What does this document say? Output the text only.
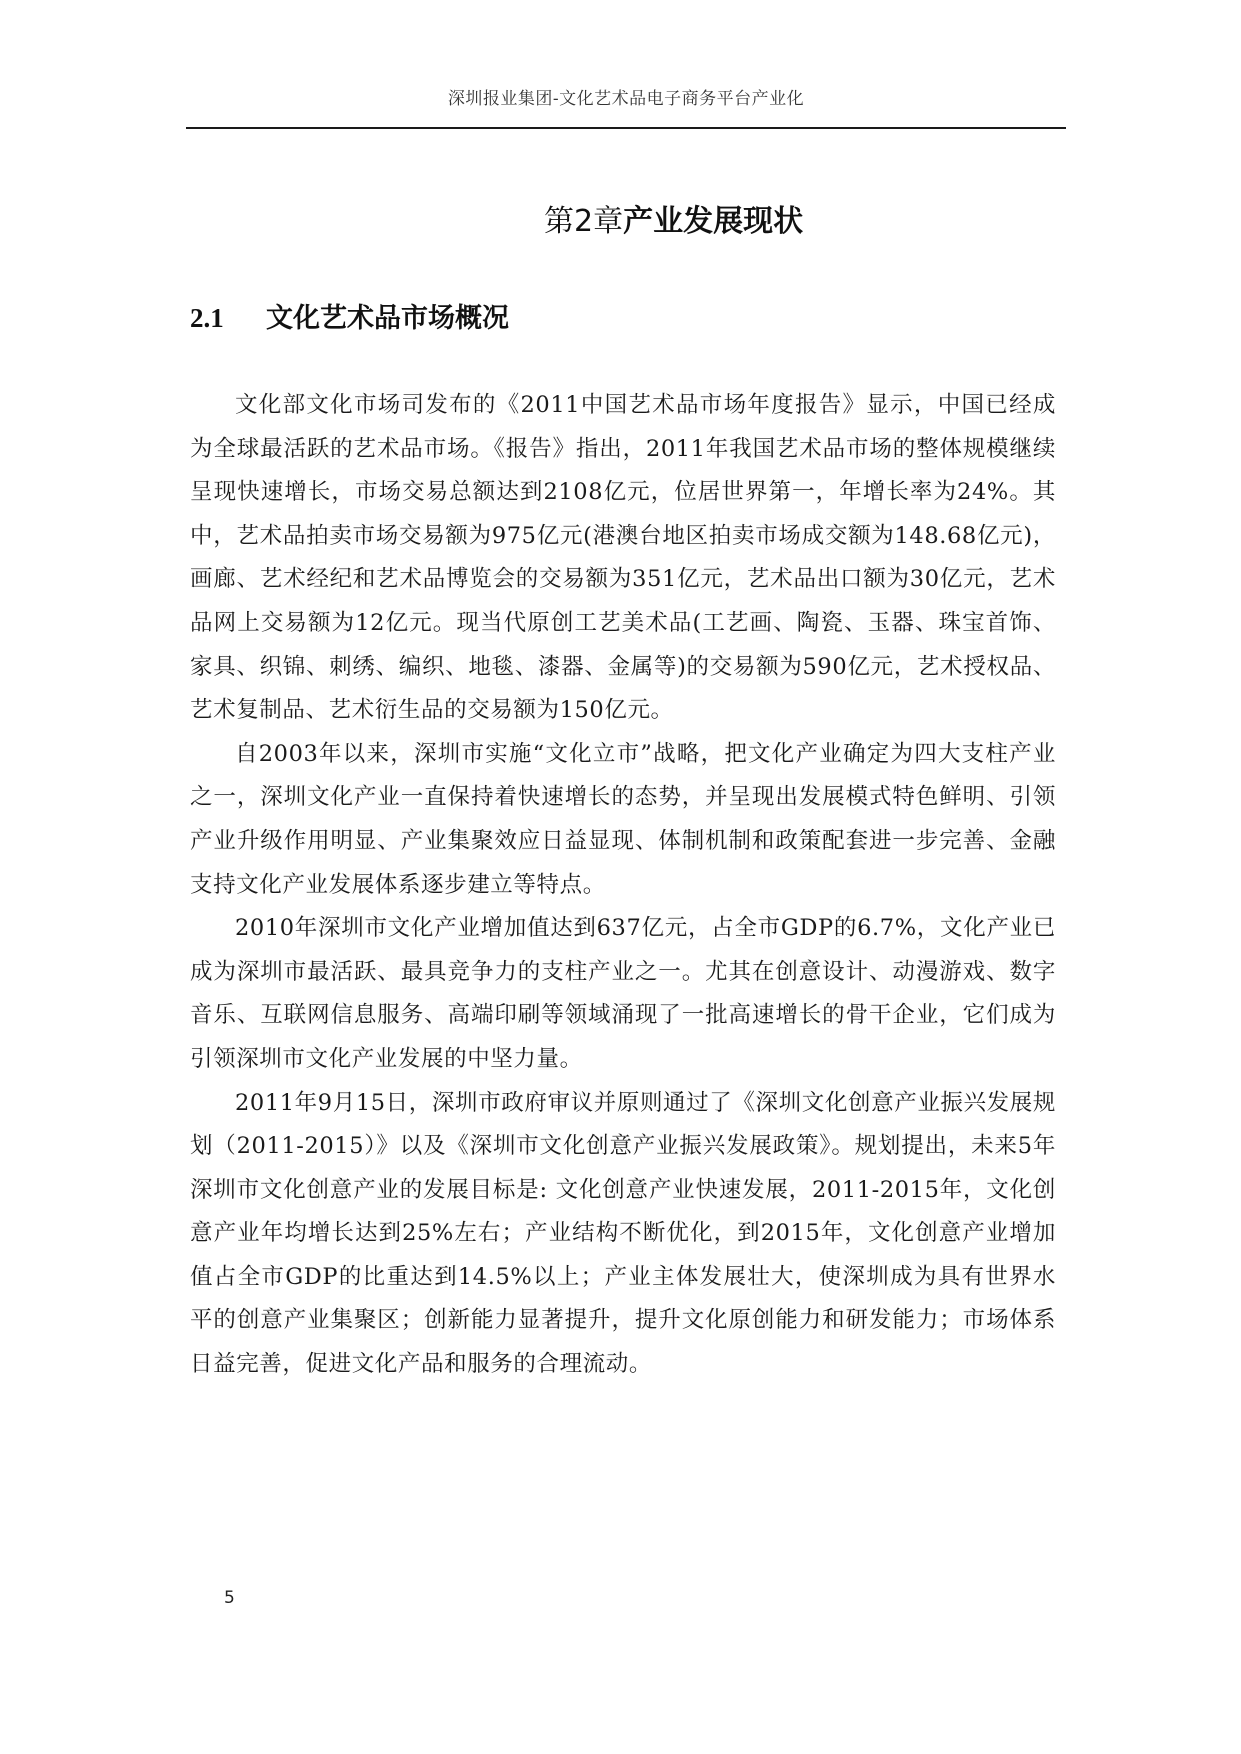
深圳报业集团-文化艺术品电子商务平台产业化
第2章产业发展现状
2.1 文化艺术品市场概况

文化部文化市场司发布的《2011中国艺术品市场年度报告》显示，中国已经成为全球最活跃的艺术品市场。《报告》指出，2011年我国艺术品市场的整体规模继续呈现快速增长，市场交易总额达到2108亿元，位居世界第一，年增长率为24%。其中，艺术品拍卖市场交易额为975亿元(港澳台地区拍卖市场成交额为148.68亿元)，画廊、艺术经纪和艺术品博览会的交易额为351亿元，艺术品出口额为30亿元，艺术品网上交易额为12亿元。现当代原创工艺美术品(工艺画、陶瓷、玉器、珠宝首饰、家具、织锦、刺绣、编织、地毯、漆器、金属等)的交易额为590亿元，艺术授权品、艺术复制品、艺术衍生品的交易额为150亿元。

自2003年以来，深圳市实施“文化立市”战略，把文化产业确定为四大支柱产业之一，深圳文化产业一直保持着快速增长的态势，并呈现出发展模式特色鲜明、引领产业升级作用明显、产业集聚效应日益显现、体制机制和政策配套进一步完善、金融支持文化产业发展体系逐步建立等特点。

2010年深圳市文化产业增加值达到637亿元，占全市GDP的6.7%，文化产业已成为深圳市最活跃、最具竞争力的支柱产业之一。尤其在创意设计、动漫游戏、数字音乐、互联网信息服务、高端印刷等领域涌现了一批高速增长的骨干企业，它们成为引领深圳市文化产业发展的中坚力量。

2011年9月15日，深圳市政府审议并原则通过了《深圳文化创意产业振兴发展规划（2011-2015）》以及《深圳市文化创意产业振兴发展政策》。规划提出，未来5年深圳市文化创意产业的发展目标是: 文化创意产业快速发展，2011-2015年，文化创意产业年均增长达到25%左右；产业结构不断优化，到2015年，文化创意产业增加值占全市GDP的比重达到14.5%以上；产业主体发展壮大，使深圳成为具有世界水平的创意产业集聚区；创新能力显著提升，提升文化原创能力和研发能力；市场体系日益完善，促进文化产品和服务的合理流动。

5
